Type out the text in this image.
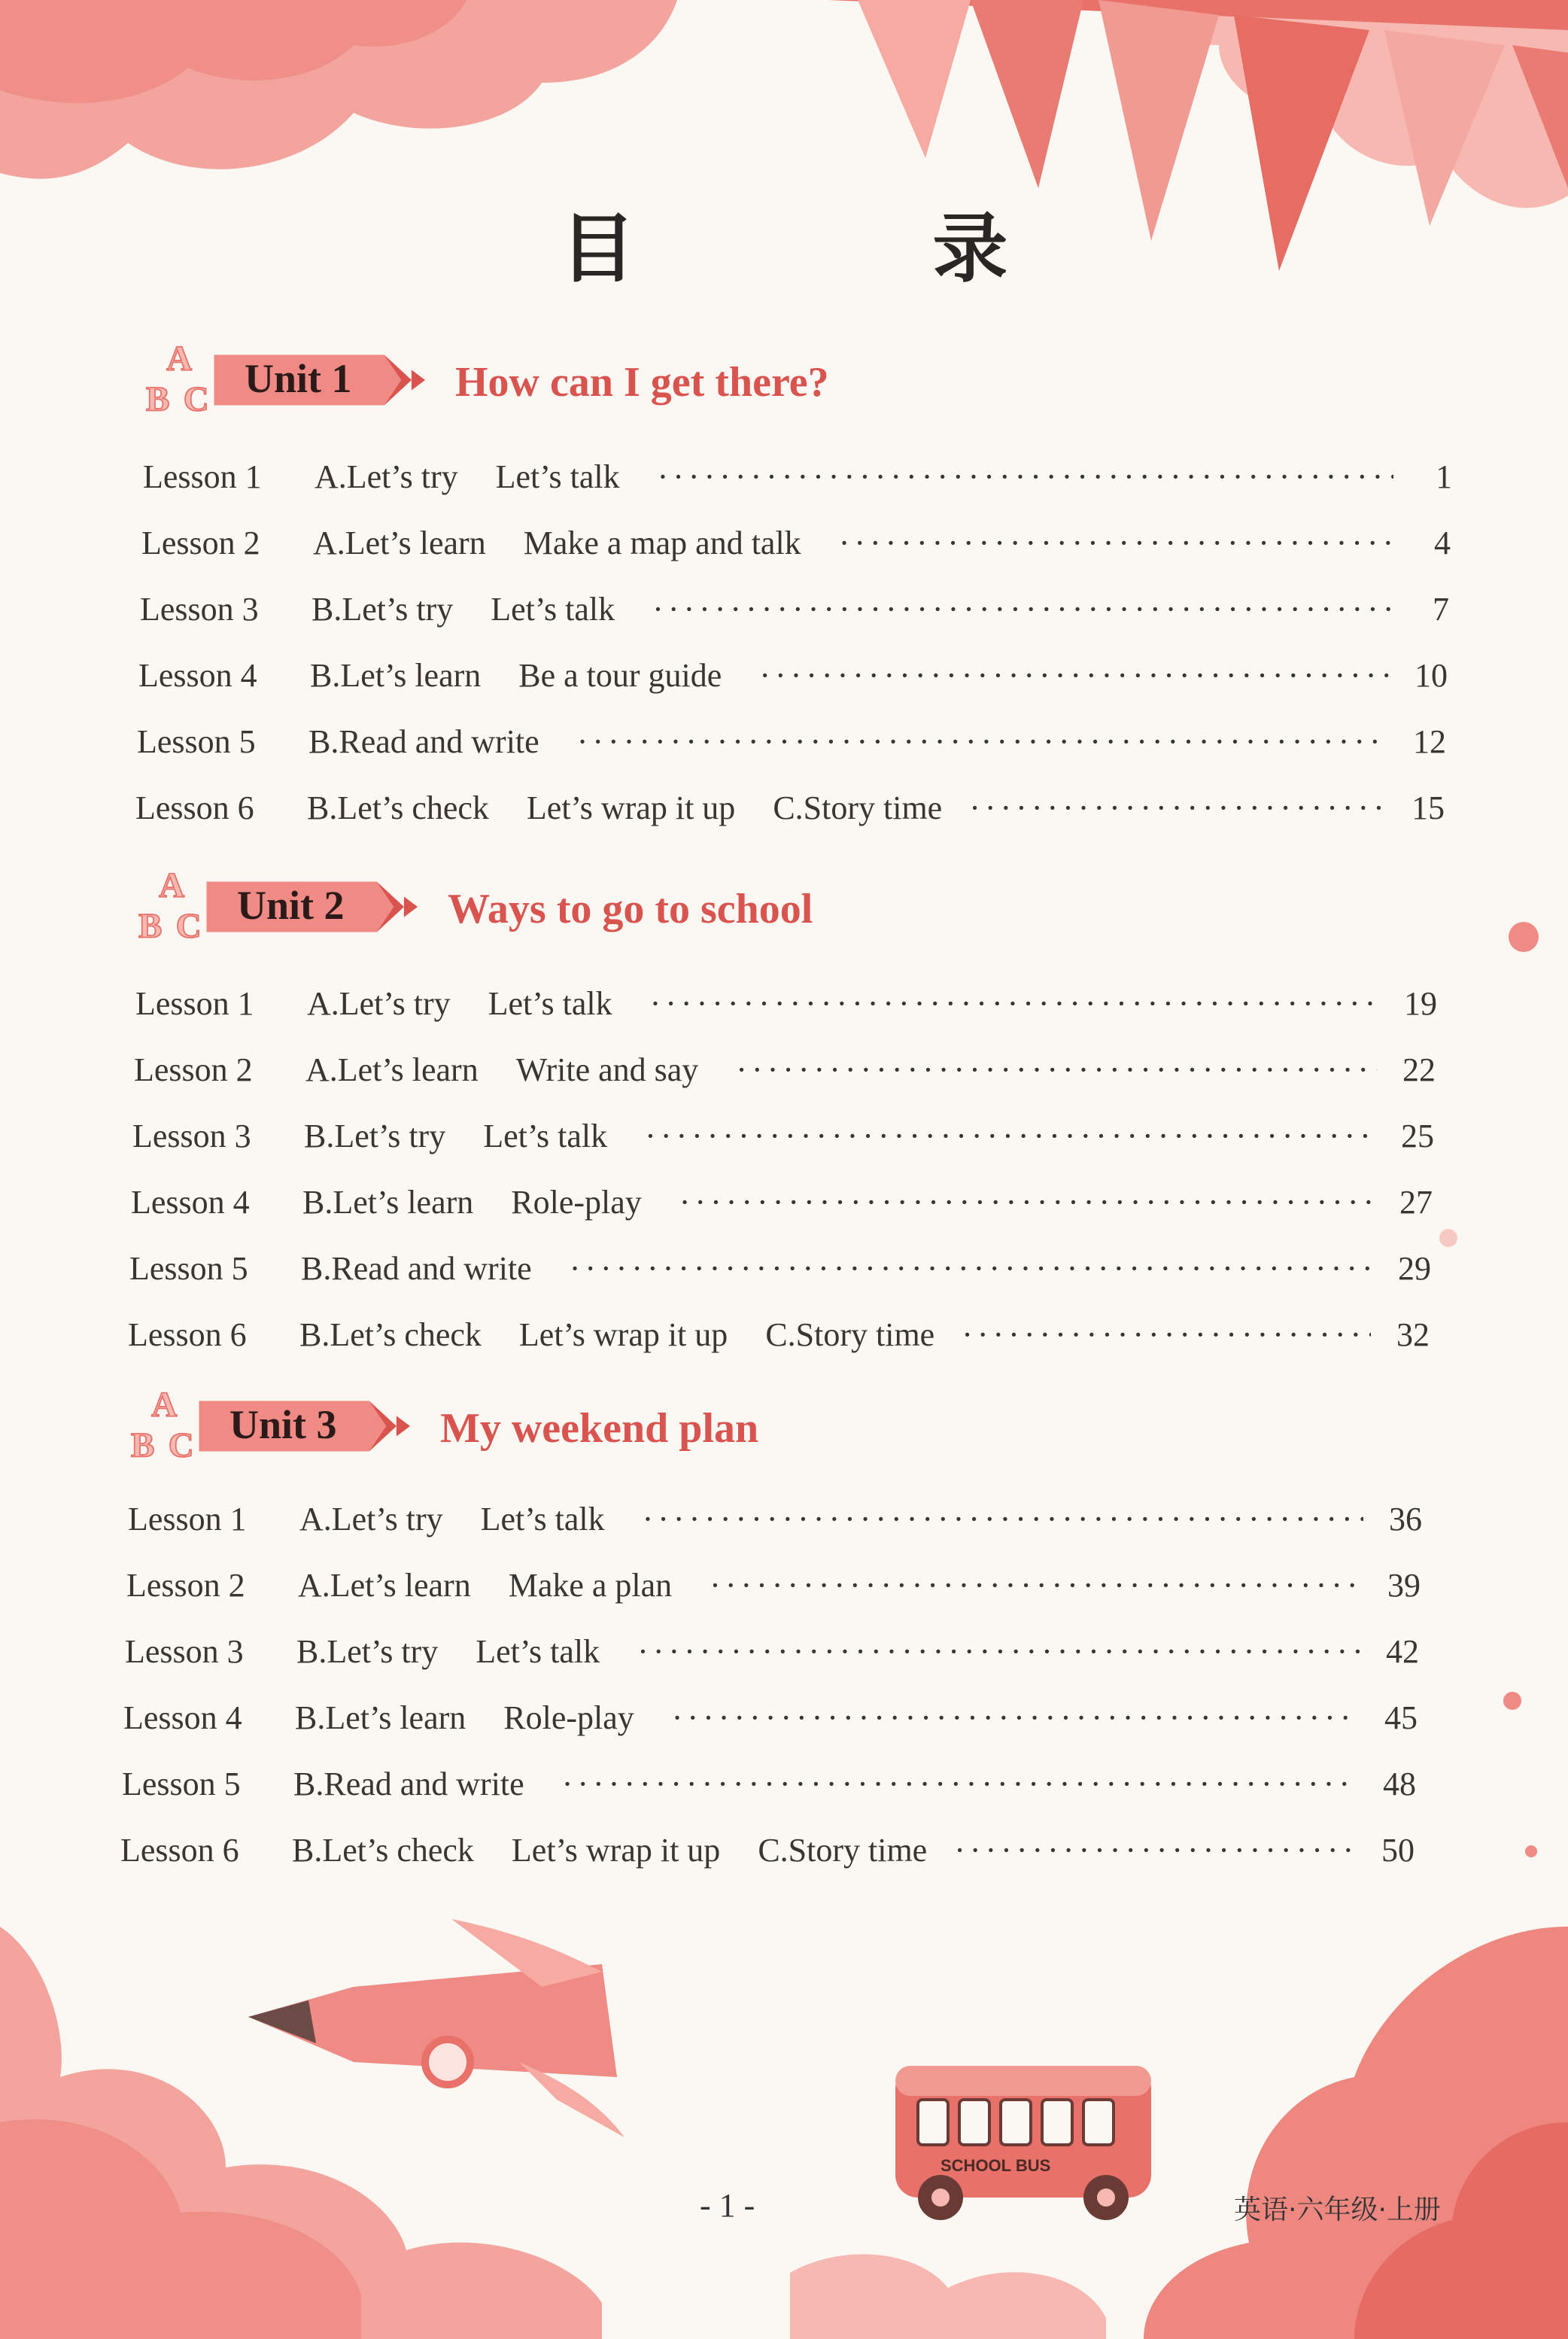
SCHOOL BUS
目 录
A
B C Unit 1 How can I get there?
Lesson 1	A.Let’s try Let’s talk ·····	1
Lesson 2	A.Let’s learn Make a map and talk ·····	4
Lesson 3	B.Let’s try Let’s talk ·····	7
Lesson 4	B.Let’s learn Be a tour guide ·····	10
Lesson 5	B.Read and write ·····	12
Lesson 6	B.Let’s check Let’s wrap it up C.Story time ·····	15
A
B C Unit 2 Ways to go to school
Lesson 1	A.Let’s try Let’s talk ·····	19
Lesson 2	A.Let’s learn Write and say ·····	22
Lesson 3	B.Let’s try Let’s talk ·····	25
Lesson 4	B.Let’s learn Role-play ·····	27
Lesson 5	B.Read and write ·····	29
Lesson 6	B.Let’s check Let’s wrap it up C.Story time ·····	32
A
B C Unit 3 My weekend plan
Lesson 1	A.Let’s try Let’s talk ·····	36
Lesson 2	A.Let’s learn Make a plan ·····	39
Lesson 3	B.Let’s try Let’s talk ·····	42
Lesson 4	B.Let’s learn Role-play ·····	45
Lesson 5	B.Read and write ·····	48
Lesson 6	B.Let’s check Let’s wrap it up C.Story time ·····	50
- 1 -	英语·六年级·上册
